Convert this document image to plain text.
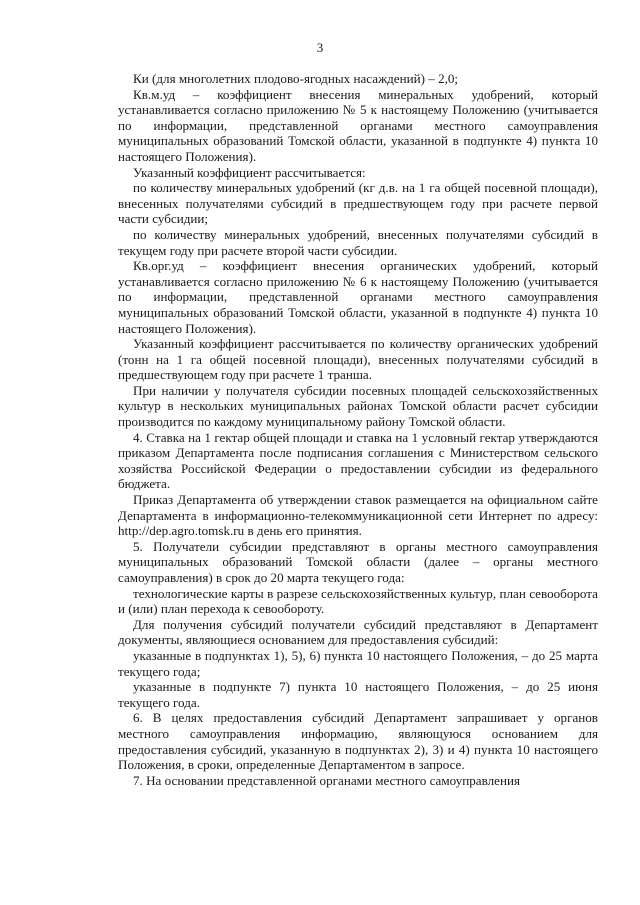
3

Ки (для многолетних плодово-ягодных насаждений) – 2,0;

Кв.м.уд – коэффициент внесения минеральных удобрений, который устанавливается согласно приложению № 5 к настоящему Положению (учитывается по информации, представленной органами местного самоуправления муниципальных образований Томской области, указанной в подпункте 4) пункта 10 настоящего Положения).

Указанный коэффициент рассчитывается:

по количеству минеральных удобрений (кг д.в. на 1 га общей посевной площади), внесенных получателями субсидий в предшествующем году при расчете первой части субсидии;

по количеству минеральных удобрений, внесенных получателями субсидий в текущем году при расчете второй части субсидии.

Кв.орг.уд – коэффициент внесения органических удобрений, который устанавливается согласно приложению № 6 к настоящему Положению (учитывается по информации, представленной органами местного самоуправления муниципальных образований Томской области, указанной в подпункте 4) пункта 10 настоящего Положения).

Указанный коэффициент рассчитывается по количеству органических удобрений (тонн на 1 га общей посевной площади), внесенных получателями субсидий в предшествующем году при расчете 1 транша.

При наличии у получателя субсидии посевных площадей сельскохозяйственных культур в нескольких муниципальных районах Томской области расчет субсидии производится по каждому муниципальному району Томской области.

4. Ставка на 1 гектар общей площади и ставка на 1 условный гектар утверждаются приказом Департамента после подписания соглашения с Министерством сельского хозяйства Российской Федерации о предоставлении субсидии из федерального бюджета.

Приказ Департамента об утверждении ставок размещается на официальном сайте Департамента в информационно-телекоммуникационной сети Интернет по адресу: http://dep.agro.tomsk.ru в день его принятия.

5. Получатели субсидии представляют в органы местного самоуправления муниципальных образований Томской области (далее – органы местного самоуправления) в срок до 20 марта текущего года:

технологические карты в разрезе сельскохозяйственных культур, план севооборота и (или) план перехода к севообороту.

Для получения субсидий получатели субсидий представляют в Департамент документы, являющиеся основанием для предоставления субсидий:

указанные в подпунктах 1), 5), 6) пункта 10 настоящего Положения, – до 25 марта текущего года;

указанные в подпункте 7) пункта 10 настоящего Положения, – до 25 июня текущего года.

6. В целях предоставления субсидий Департамент запрашивает у органов местного самоуправления информацию, являющуюся основанием для предоставления субсидий, указанную в подпунктах 2), 3) и 4) пункта 10 настоящего Положения, в сроки, определенные Департаментом в запросе.

7. На основании представленной органами местного самоуправления
